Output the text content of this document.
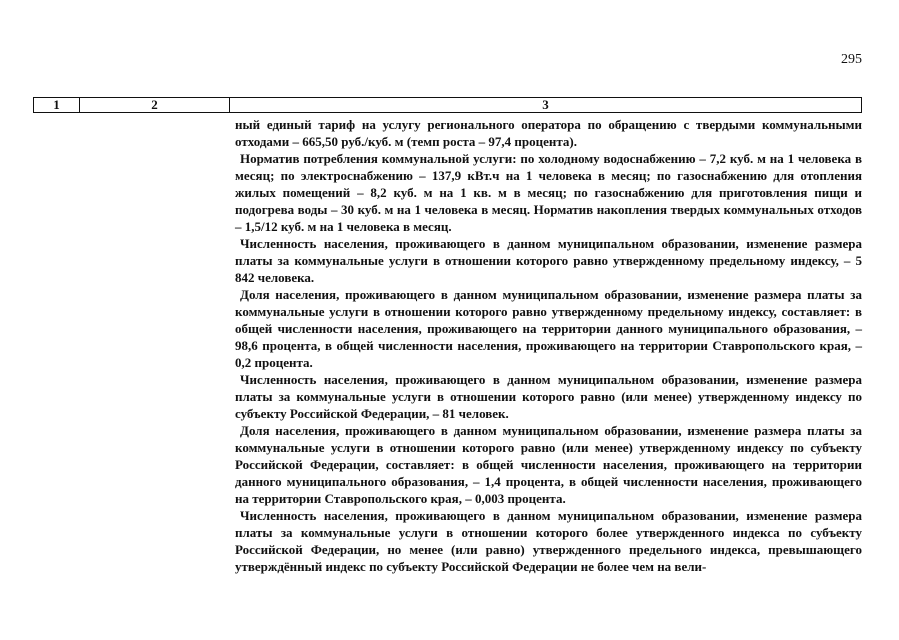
295
1	2	3

ный единый тариф на услугу регионального оператора по обращению с твердыми коммунальными отходами – 665,50 руб./куб. м (темп роста – 97,4 процента).

Норматив потребления коммунальной услуги: по холодному водоснабжению – 7,2 куб. м на 1 человека в месяц; по электроснабжению – 137,9 кВт.ч на 1 человека в месяц; по газоснабжению для отопления жилых помещений – 8,2 куб. м на 1 кв. м в месяц; по газоснабжению для приготовления пищи и подогрева воды – 30 куб. м на 1 человека в месяц. Норматив накопления твердых коммунальных отходов – 1,5/12 куб. м на 1 человека в месяц.

Численность населения, проживающего в данном муниципальном образовании, изменение размера платы за коммунальные услуги в отношении которого равно утвержденному предельному индексу, – 5 842 человека.

Доля населения, проживающего в данном муниципальном образовании, изменение размера платы за коммунальные услуги в отношении которого равно утвержденному предельному индексу, составляет: в общей численности населения, проживающего на территории данного муниципального образования, – 98,6 процента, в общей численности населения, проживающего на территории Ставропольского края, – 0,2 процента.

Численность населения, проживающего в данном муниципальном образовании, изменение размера платы за коммунальные услуги в отношении которого равно (или менее) утвержденному индексу по субъекту Российской Федерации, – 81 человек.

Доля населения, проживающего в данном муниципальном образовании, изменение размера платы за коммунальные услуги в отношении которого равно (или менее) утвержденному индексу по субъекту Российской Федерации, составляет: в общей численности населения, проживающего на территории данного муниципального образования, – 1,4 процента, в общей численности населения, проживающего на территории Ставропольского края, – 0,003 процента.

Численность населения, проживающего в данном муниципальном образовании, изменение размера платы за коммунальные услуги в отношении которого более утвержденного индекса по субъекту Российской Федерации, но менее (или равно) утвержденного предельного индекса, превышающего утверждённый индекс по субъекту Российской Федерации не более чем на вели-
